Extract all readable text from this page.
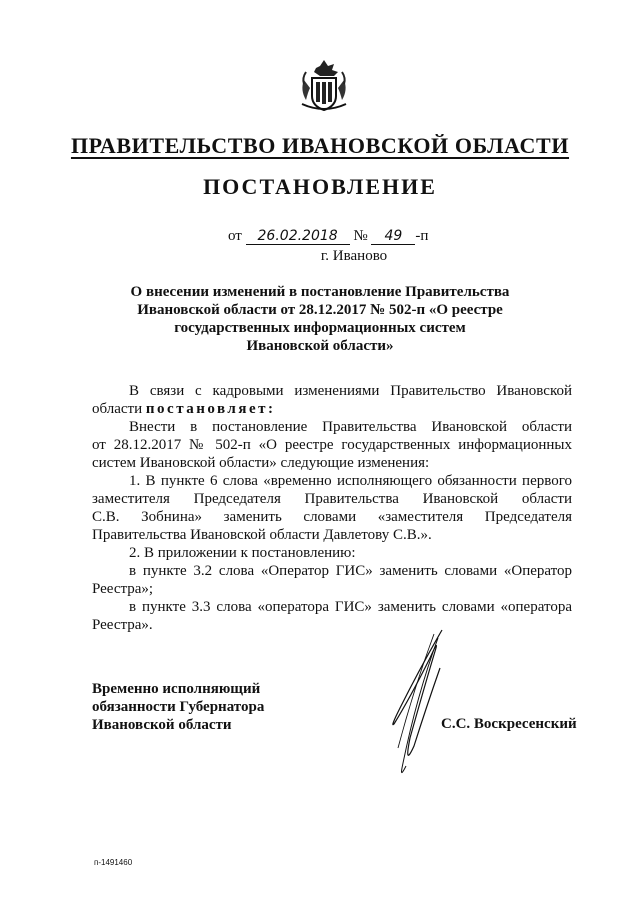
ПРАВИТЕЛЬСТВО ИВАНОВСКОЙ ОБЛАСТИ
ПОСТАНОВЛЕНИЕ
от 26.02.2018 № 49 -п
г. Иваново
О внесении изменений в постановление Правительства
Ивановской области от 28.12.2017 № 502-п «О реестре
государственных информационных систем
Ивановской области»
В связи с кадровыми изменениями Правительство Ивановской
области постановляет:
Внести в постановление Правительства Ивановской области
от 28.12.2017 № 502-п «О реестре государственных информационных
систем Ивановской области» следующие изменения:
1. В пункте 6 слова «временно исполняющего обязанности первого
заместителя Председателя Правительства Ивановской области
С.В. Зобнина» заменить словами «заместителя Председателя
Правительства Ивановской области Давлетову С.В.».
2. В приложении к постановлению:
в пункте 3.2 слова «Оператор ГИС» заменить словами «Оператор
Реестра»;
в пункте 3.3 слова «оператора ГИС» заменить словами «оператора
Реестра».
Временно исполняющий
обязанности Губернатора
Ивановской области	С.С. Воскресенский
п-1491460
